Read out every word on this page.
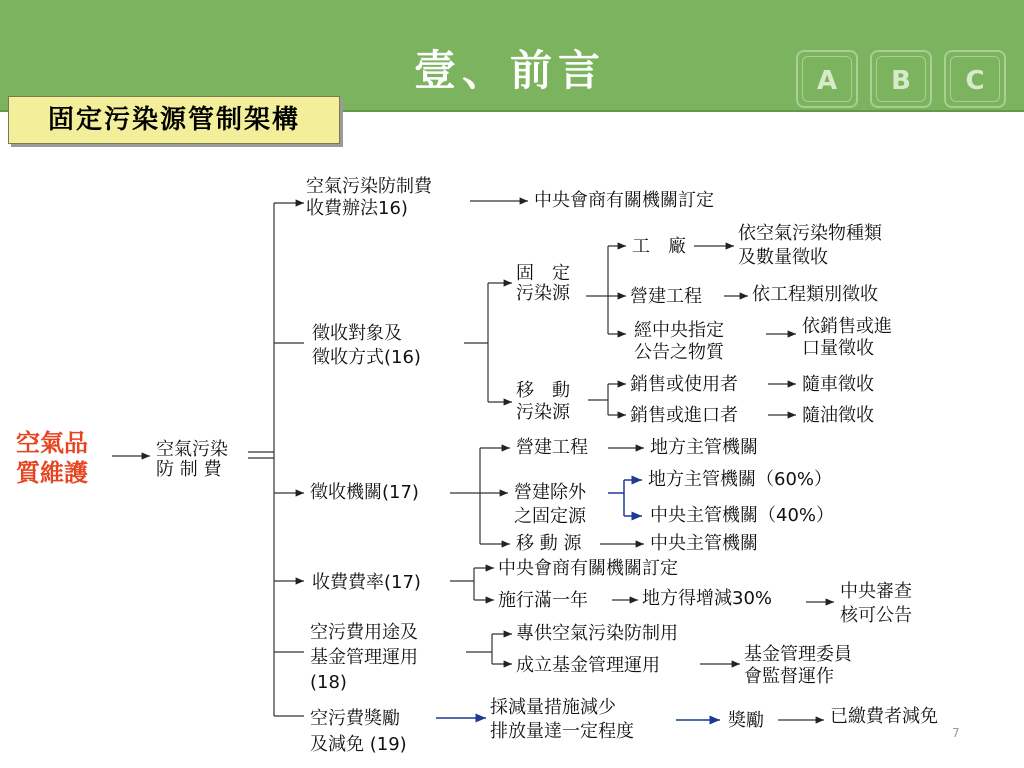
壹、前言	A	B	C
固定污染源管制架構
空氣品
質維護
空氣污染
防 制 費
空氣污染防制費
收費辦法16)	中央會商有關機關訂定
徵收對象及
徵收方式(16)
固　定
污染源
工　廠
依空氣污染物種類
及數量徵收
營建工程	依工程類別徵收
經中央指定
公告之物質
依銷售或進
口量徵收
移　動
污染源
銷售或使用者	隨車徵收
銷售或進口者	隨油徵收
徵收機關(17)
營建工程	地方主管機關
營建除外
之固定源
地方主管機關（60%）
中央主管機關（40%）
移 動 源	中央主管機關
收費費率(17)
中央會商有關機關訂定
施行滿一年	地方得增減30%	中央審查
核可公告
空污費用途及
基金管理運用
(18)
專供空氣污染防制用
成立基金管理運用
基金管理委員
會監督運作
空污費獎勵
及減免 (19)
採減量措施減少
排放量達一定程度
獎勵	已繳費者減免
7
